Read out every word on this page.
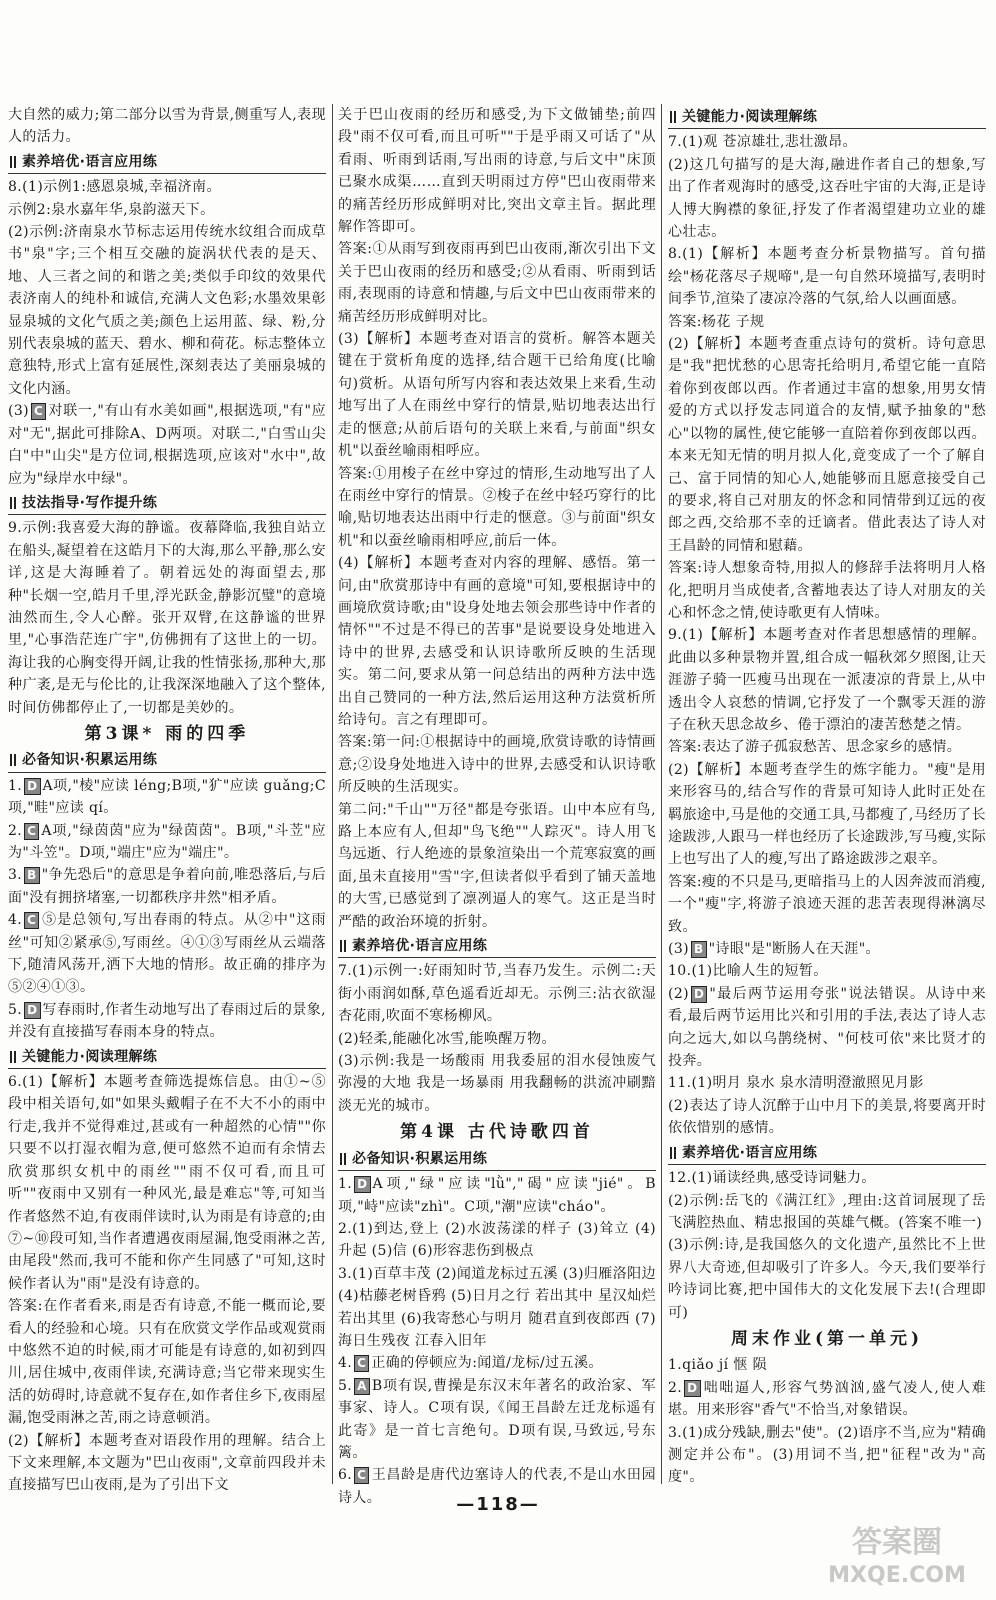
大自然的威力;第二部分以雪为背景,侧重写人,表现人的活力。

素养培优·语言应用练

8.(1)示例1:感恩泉城,幸福济南。

示例2:泉水嘉年华,泉韵滋天下。

(2)示例:济南泉水节标志运用传统水纹组合而成草书"泉"字;三个相互交融的旋涡状代表的是天、地、人三者之间的和谐之美;类似手印纹的效果代表济南人的纯朴和诚信,充满人文色彩;水墨效果彰显泉城的文化气质之美;颜色上运用蓝、绿、粉,分别代表泉城的蓝天、碧水、柳和荷花。标志整体立意独特,形式上富有延展性,深刻表达了美丽泉城的文化内涵。

(3) C 对联一,"有山有水美如画",根据选项,"有"应对"无",据此可排除A、D两项。对联二,"白雪山尖白"中"山尖"是方位词,根据选项,应该对"水中",故应为"绿岸水中绿"。

技法指导·写作提升练

9.示例:我喜爱大海的静谧。夜幕降临,我独自站立在船头,凝望着在这皓月下的大海,那么平静,那么安详,这是大海睡着了。朝着远处的海面望去,那种"长烟一空,皓月千里,浮光跃金,静影沉璧"的意境油然而生,令人心醉。张开双臂,在这静谧的世界里,"心事浩茫连广宇",仿佛拥有了这世上的一切。海让我的心胸变得开阔,让我的性情张扬,那种大,那种广袤,是无与伦比的,让我深深地融入了这个整体,时间仿佛都停止了,一切都是美妙的。

第3课* 雨的四季
必备知识·积累运用练

1. D A项,"棱"应读 léng;B项,"犷"应读 guǎng;C项,"畦"应读 qí。

2. C A项,"绿茵茵"应为"绿茵茵"。B项,"斗苙"应为"斗笠"。D项,"端庄"应为"端庄"。

3. B "争先恐后"的意思是争着向前,唯恐落后,与后面"没有拥挤堵塞,一切都秩序井然"相矛盾。

4. C ⑤是总领句,写出春雨的特点。从②中"这雨丝"可知②紧承⑤,写雨丝。④①③写雨丝从云端落下,随清风荡开,洒下大地的情形。故正确的排序为⑤②④①③。

5. D 写春雨时,作者生动地写出了春雨过后的景象,并没有直接描写春雨本身的特点。

关键能力·阅读理解练

6.(1)【解析】本题考查筛选提炼信息。由①~⑤段中相关语句,如"如果头戴帽子在不大不小的雨中行走,我并不觉得难过,甚或有一种超然的心情""你只要不以打湿衣帽为意,便可悠然不迫而有余情去欣赏那织女机中的雨丝""雨不仅可看,而且可听""夜雨中又别有一种风光,最是难忘"等,可知当作者悠然不迫,有夜雨伴读时,认为雨是有诗意的;由⑦~⑩段可知,当作者遭遇夜雨屋漏,饱受雨淋之苦,由尾段"然而,我可不能和你产生同感了"可知,这时候作者认为"雨"是没有诗意的。

答案:在作者看来,雨是否有诗意,不能一概而论,要看人的经验和心境。只有在欣赏文学作品或观赏雨中悠然不迫的时候,雨才可能是有诗意的,如初到四川,居住城中,夜雨伴读,充满诗意;当它带来现实生活的妨碍时,诗意就不复存在,如作者住乡下,夜雨屋漏,饱受雨淋之苦,雨之诗意顿消。

(2)【解析】本题考查对语段作用的理解。结合上下文来理解,本文题为"巴山夜雨",文章前四段并未直接描写巴山夜雨,是为了引出下文

关于巴山夜雨的经历和感受,为下文做铺垫;前四段"雨不仅可看,而且可听""于是乎雨又可话了"从看雨、听雨到话雨,写出雨的诗意,与后文中"床顶已聚水成渠……直到天明雨过方停"巴山夜雨带来的痛苦经历形成鲜明对比,突出文章主旨。据此理解作答即可。

答案:①从雨写到夜雨再到巴山夜雨,渐次引出下文关于巴山夜雨的经历和感受;②从看雨、听雨到话雨,表现雨的诗意和情趣,与后文中巴山夜雨带来的痛苦经历形成鲜明对比。

(3)【解析】本题考查对语言的赏析。解答本题关键在于赏析角度的选择,结合题干已给角度(比喻句)赏析。从语句所写内容和表达效果上来看,生动地写出了人在雨丝中穿行的情景,贴切地表达出行走的惬意;从前后语句的关联上来看,与前面"织女机"以蚕丝喻雨相呼应。

答案:①用梭子在丝中穿过的情形,生动地写出了人在雨丝中穿行的情景。②梭子在丝中轻巧穿行的比喻,贴切地表达出雨中行走的惬意。③与前面"织女机"和以蚕丝喻雨相呼应,前后一体。

(4)【解析】本题考查对内容的理解、感悟。第一问,由"欣赏那诗中有画的意境"可知,要根据诗中的画境欣赏诗歌;由"设身处地去领会那些诗中作者的情怀""不过是不得已的苦事"是说要设身处地进入诗中的世界,去感受和认识诗歌所反映的生活现实。第二问,要求从第一问总结出的两种方法中选出自己赞同的一种方法,然后运用这种方法赏析所给诗句。言之有理即可。

答案:第一问:①根据诗中的画境,欣赏诗歌的诗情画意;②设身处地进入诗中的世界,去感受和认识诗歌所反映的生活现实。

第二问:"千山""万径"都是夸张语。山中本应有鸟,路上本应有人,但却"鸟飞绝""人踪灭"。诗人用飞鸟远逝、行人绝迹的景象渲染出一个荒寒寂寞的画面,虽未直接用"雪"字,但读者似乎看到了铺天盖地的大雪,已感觉到了凛冽逼人的寒气。这正是当时严酷的政治环境的折射。

素养培优·语言应用练

7.(1)示例一:好雨知时节,当春乃发生。示例二:天街小雨润如酥,草色遥看近却无。示例三:沾衣欲湿杏花雨,吹面不寒杨柳风。

(2)轻柔,能融化冰雪,能唤醒万物。

(3)示例:我是一场酸雨 用我委屈的泪水侵蚀废气弥漫的大地 我是一场暴雨 用我翻畅的洪流冲刷黯淡无光的城市。

第4课 古代诗歌四首
必备知识·积累运用练

1. D A项,"绿"应读"lǜ","碣"应读"jié"。B项,"峙"应读"zhì"。C项,"潮"应读"cháo"。

2.(1)到达,登上 (2)水波荡漾的样子 (3)耸立 (4)升起 (5)信 (6)形容悲伤到极点

3.(1)百草丰茂 (2)闻道龙标过五溪 (3)归雁洛阳边 (4)枯藤老树昏鸦 (5)日月之行 若出其中 星汉灿烂 若出其里 (6)我寄愁心与明月 随君直到夜郎西 (7)海日生残夜 江春入旧年

4. C 正确的停顿应为:闻道/龙标/过五溪。

5. A B项有误,曹操是东汉末年著名的政治家、军事家、诗人。C项有误,《闻王昌龄左迁龙标遥有此寄》是一首七言绝句。D项有误,马致远,号东篱。

6. C 王昌龄是唐代边塞诗人的代表,不是山水田园诗人。

关键能力·阅读理解练

7.(1)观 苍凉雄壮,悲壮激昂。

(2)这几句描写的是大海,融进作者自己的想象,写出了作者观海时的感受,这吞吐宇宙的大海,正是诗人博大胸襟的象征,抒发了作者渴望建功立业的雄心壮志。

8.(1)【解析】本题考查分析景物描写。首句描绘"杨花落尽子规啼",是一句自然环境描写,表明时间季节,渲染了凄凉冷落的气氛,给人以画面感。

答案:杨花 子规

(2)【解析】本题考查重点诗句的赏析。诗句意思是"我"把忧愁的心思寄托给明月,希望它能一直陪着你到夜郎以西。作者通过丰富的想象,用男女情爱的方式以抒发志同道合的友情,赋予抽象的"愁心"以物的属性,使它能够一直陪着你到夜郎以西。本来无知无情的明月拟人化,竟变成了一个了解自己、富于同情的知心人,她能够而且愿意接受自己的要求,将自己对朋友的怀念和同情带到辽远的夜郎之西,交给那不幸的迁谪者。借此表达了诗人对王昌龄的同情和慰藉。

答案:诗人想象奇特,用拟人的修辞手法将明月人格化,把明月当成使者,含蓄地表达了诗人对朋友的关心和怀念之情,使诗歌更有人情味。

9.(1)【解析】本题考查对作者思想感情的理解。此曲以多种景物并置,组合成一幅秋郊夕照图,让天涯游子骑一匹瘦马出现在一派凄凉的背景上,从中透出令人哀愁的情调,它抒发了一个飘零天涯的游子在秋天思念故乡、倦于漂泊的凄苦愁楚之情。

答案:表达了游子孤寂愁苦、思念家乡的感情。

(2)【解析】本题考查学生的炼字能力。"瘦"是用来形容马的,结合写作的背景可知诗人此时正处在羁旅途中,马是他的交通工具,马都瘦了,马经历了长途跋涉,人跟马一样也经历了长途跋涉,写马瘦,实际上也写出了人的瘦,写出了路途跋涉之艰辛。

答案:瘦的不只是马,更暗指马上的人因奔波而消瘦,一个"瘦"字,将游子浪迹天涯的悲苦表现得淋漓尽致。

(3) B "诗眼"是"断肠人在天涯"。

10.(1)比喻人生的短暂。

(2) D "最后两节运用夸张"说法错误。从诗中来看,最后两节运用比兴和引用的手法,表达了诗人志向之远大,如以乌鹊绕树、"何枝可依"来比贤才的投奔。

11.(1)明月 泉水 泉水清明澄澈照见月影

(2)表达了诗人沉醉于山中月下的美景,将要离开时依依惜别的感情。

素养培优·语言应用练

12.(1)诵读经典,感受诗词魅力。

(2)示例:岳飞的《满江红》,理由:这首词展现了岳飞满腔热血、精忠报国的英雄气概。(答案不唯一)

(3)示例:诗,是我国悠久的文化遗产,虽然比不上世界八大奇迹,但却吸引了许多人。今天,我们要举行吟诗词比赛,把中国伟大的文化发展下去!(合理即可)

周末作业(第一单元)

1.qiǎo jí 惬 陨

2. D 咄咄逼人,形容气势汹汹,盛气凌人,使人难堪。用来形容"香气"不恰当,对象错误。

3.(1)成分残缺,删去"使"。(2)语序不当,应为"精确测定并公布"。(3)用词不当,把"征程"改为"高度"。

—118—
答案圈
MXQE.COM
